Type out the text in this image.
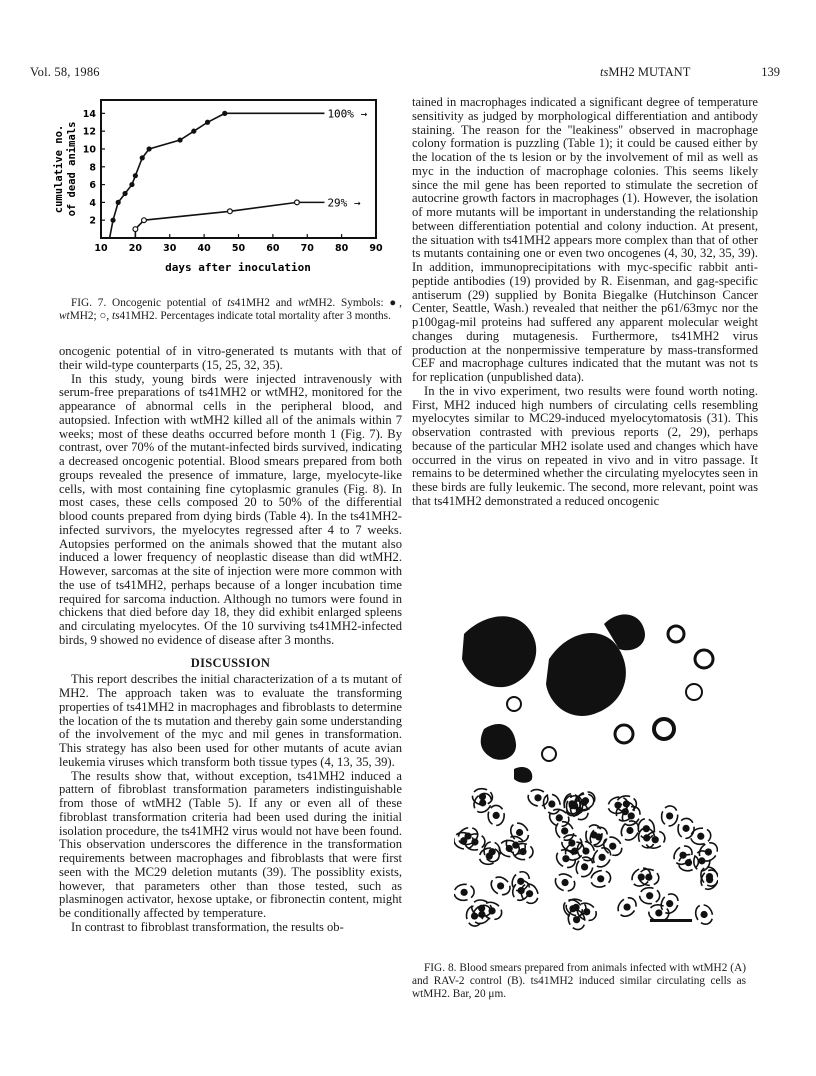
Vol. 58, 1986	tsMH2 MUTANT	139
2
4
6
8
10
12
14
10 20 30 40 50 60 70 80 90
100% →
29% →
cumulative no. of dead animals
days after inoculation

FIG. 7. Oncogenic potential of ts41MH2 and wtMH2. Symbols: ●, wtMH2; ○, ts41MH2. Percentages indicate total mortality after 3 months.

oncogenic potential of in vitro-generated ts mutants with that of their wild-type counterparts (15, 25, 32, 35).

In this study, young birds were injected intravenously with serum-free preparations of ts41MH2 or wtMH2, monitored for the appearance of abnormal cells in the peripheral blood, and autopsied. Infection with wtMH2 killed all of the animals within 7 weeks; most of these deaths occurred before month 1 (Fig. 7). By contrast, over 70% of the mutant-infected birds survived, indicating a decreased oncogenic potential. Blood smears prepared from both groups revealed the presence of immature, large, myelocyte-like cells, with most containing fine cytoplasmic granules (Fig. 8). In most cases, these cells composed 20 to 50% of the differential blood counts prepared from dying birds (Table 4). In the ts41MH2-infected survivors, the myelocytes regressed after 4 to 7 weeks. Autopsies performed on the animals showed that the mutant also induced a lower frequency of neoplastic disease than did wtMH2. However, sarcomas at the site of injection were more common with the use of ts41MH2, perhaps because of a longer incubation time required for sarcoma induction. Although no tumors were found in chickens that died before day 18, they did exhibit enlarged spleens and circulating myelocytes. Of the 10 surviving ts41MH2-infected birds, 9 showed no evidence of disease after 3 months.

DISCUSSION

This report describes the initial characterization of a ts mutant of MH2. The approach taken was to evaluate the transforming properties of ts41MH2 in macrophages and fibroblasts to determine the location of the ts mutation and thereby gain some understanding of the involvement of the myc and mil genes in transformation. This strategy has also been used for other mutants of acute avian leukemia viruses which transform both tissue types (4, 13, 35, 39).

The results show that, without exception, ts41MH2 induced a pattern of fibroblast transformation parameters indistinguishable from those of wtMH2 (Table 5). If any or even all of these fibroblast transformation criteria had been used during the initial isolation procedure, the ts41MH2 virus would not have been found. This observation underscores the difference in the transformation requirements between macrophages and fibroblasts that were first seen with the MC29 deletion mutants (39). The possiblity exists, however, that parameters other than those tested, such as plasminogen activator, hexose uptake, or fibronectin content, might be conditionally affected by temperature.

In contrast to fibroblast transformation, the results ob-

tained in macrophages indicated a significant degree of temperature sensitivity as judged by morphological differentiation and antibody staining. The reason for the ''leakiness'' observed in macrophage colony formation is puzzling (Table 1); it could be caused either by the location of the ts lesion or by the involvement of mil as well as myc in the induction of macrophage colonies. This seems likely since the mil gene has been reported to stimulate the secretion of autocrine growth factors in macrophages (1). However, the isolation of more mutants will be important in understanding the relationship between differentiation potential and colony induction. At present, the situation with ts41MH2 appears more complex than that of other ts mutants containing one or even two oncogenes (4, 30, 32, 35, 39). In addition, immunoprecipitations with myc-specific rabbit anti-peptide antibodies (19) provided by R. Eisenman, and gag-specific antiserum (29) supplied by Bonita Biegalke (Hutchinson Cancer Center, Seattle, Wash.) revealed that neither the p61/63myc nor the p100gag-mil proteins had suffered any apparent molecular weight changes during mutagenesis. Furthermore, ts41MH2 virus production at the nonpermissive temperature by mass-transformed CEF and macrophage cultures indicated that the mutant was not ts for replication (unpublished data).

In the in vivo experiment, two results were found worth noting. First, MH2 induced high numbers of circulating cells resembling myelocytes similar to MC29-induced myelocytomatosis (31). This observation contrasted with previous reports (2, 29), perhaps because of the particular MH2 isolate used and changes which have occurred in the virus on repeated in vivo and in vitro passage. It remains to be determined whether the circulating myelocytes seen in these birds are fully leukemic. The second, more relevant, point was that ts41MH2 demonstrated a reduced oncogenic

FIG. 8. Blood smears prepared from animals infected with wtMH2 (A) and RAV-2 control (B). ts41MH2 induced similar circulating cells as wtMH2. Bar, 20 μm.
